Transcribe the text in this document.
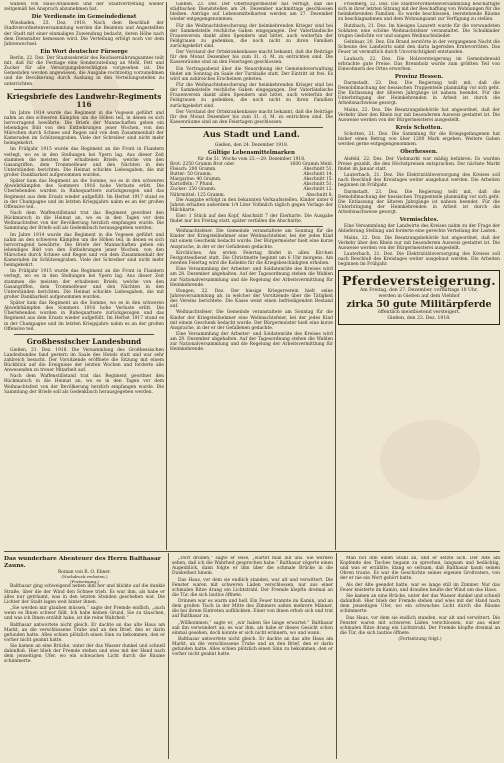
wahlen von Haus-Altäbellen und der Stadtvertretung wieder zeitgemäß bei Anspruch abzunehmen hat.

Die Verdienste im Gemeindedienst

Wiesbaden, 23. Dez. 1918. Nach dem Beschluß der Stadtverordnetenversammlung werden die Beamten und Angestellten der Stadt mit einer einmaligen Zuwendung bedacht, deren Höhe nach dem Dienstalter bemessen wird. Die Verteilung erfolgt noch vor dem Jahreswechsel.

Ein Wort deutscher Fürsorge

Berlin, 22. Dez. Der Staatssekretär des Reichsernährungsamtes teilt mit, daß für die Festtage eine Sonderzuteilung an Mehl, Fett und Zucker für alle Versorgungsberechtigten vorgesehen ist. Die Gemeinden werden angewiesen, die Ausgabe rechtzeitig vorzunehmen und die Bevölkerung durch Aushang in den Verteilungsstellen zu unterrichten.

Kriegsbriefe des Landwehr-Regiments 116

Im Jahre 1914 wurde das Regiment in die Vogesen geführt und nahm an den schweren Kämpfen um die Höhen teil, in denen es sich hervorragend bewährte. Die Briefe der Mannschaften geben ein lebendiges Bild von den Entbehrungen jener Wochen, von den Märschen durch Schnee und Regen und von dem Zusammenhalt der Kameraden im Schützengraben. Viele der Schreiber sind nicht mehr heimgekehrt.

Im Frühjahr 1915 wurde das Regiment an die Front in Flandern verlegt, wo es in den Stellungen bei Ypern lag. Aus dieser Zeit stammen die meisten der erhaltenen Briefe, welche von den Gasangriffen, dem Trommelfeuer und den Nächten in den Unterständen berichten. Die Heimat schickte Liebesgaben, die mit großer Dankbarkeit aufgenommen wurden.

Später kam das Regiment an die Somme, wo es in den schweren Abwehrkämpfen des Sommers 1916 hohe Verluste erlitt. Die Überlebenden wurden in Ruhequartiere zurückgezogen und das Regiment aus dem Ersatz wieder aufgefüllt. Im Herbst 1917 stand es in der Champagne und im letzten Kriegsjahre nahm es an der großen Offensive teil.

Nach dem Waffenstillstand trat das Regiment geordnet den Rückmarsch in die Heimat an, wo es in den Tagen vor dem Weihnachtsfest von der Bevölkerung herzlich empfangen wurde. Die Sammlung der Briefe soll als Gedenkbuch herausgegeben werden.

Im Jahre 1914 wurde das Regiment in die Vogesen geführt und nahm an den schweren Kämpfen um die Höhen teil, in denen es sich hervorragend bewährte. Die Briefe der Mannschaften geben ein lebendiges Bild von den Entbehrungen jener Wochen, von den Märschen durch Schnee und Regen und von dem Zusammenhalt der Kameraden im Schützengraben. Viele der Schreiber sind nicht mehr heimgekehrt.

Im Frühjahr 1915 wurde das Regiment an die Front in Flandern verlegt, wo es in den Stellungen bei Ypern lag. Aus dieser Zeit stammen die meisten der erhaltenen Briefe, welche von den Gasangriffen, dem Trommelfeuer und den Nächten in den Unterständen berichten. Die Heimat schickte Liebesgaben, die mit großer Dankbarkeit aufgenommen wurden.

Später kam das Regiment an die Somme, wo es in den schweren Abwehrkämpfen des Sommers 1916 hohe Verluste erlitt. Die Überlebenden wurden in Ruhequartiere zurückgezogen und das Regiment aus dem Ersatz wieder aufgefüllt. Im Herbst 1917 stand es in der Champagne und im letzten Kriegsjahre nahm es an der großen Offensive teil.

Großhessischer Landesbund

Gießen, 21. Dez. 1918. Die Versammlung des Großhessischen Landesbundes fand gestern im Saale des Hotels statt und war sehr zahlreich besucht. Der Vorsitzende eröffnete die Sitzung mit einem Rückblick auf die Ereignisse der letzten Wochen und forderte alle Anwesenden zu treuer Mitarbeit auf.

Nach dem Waffenstillstand trat das Regiment geordnet den Rückmarsch in die Heimat an, wo es in den Tagen vor dem Weihnachtsfest von der Bevölkerung herzlich empfangen wurde. Die Sammlung der Briefe soll als Gedenkbuch herausgegeben werden.

Gießen, 23. Dez. Der Oberbürgermeister hat verfügt, daß die städtischen Dienststellen am 24. Dezember nachmittags geschlossen bleiben. Anträge auf Lebensmittelkarten werden am 27. Dezember wieder entgegengenommen.

Für die Weihnachtsbescherung der heimkehrenden Krieger sind bei der Sammelstelle reichliche Gaben eingegangen. Der Vaterländische Frauenverein dankt allen Spendern und bittet, auch weiterhin der Feldgrauen zu gedenken, die noch nicht zu ihren Familien zurückgekehrt sind.

Der Vorstand der Ortskrankenkasse macht bekannt, daß die Beiträge für den Monat Dezember bis zum 31. d. M. zu entrichten sind. Die Kassenräume sind an den Feiertagen geschlossen.

Ein Vortragsabend über die Neuordnung der Gemeindeverwaltung findet am Sonntag im Saale der Turnhalle statt. Der Eintritt ist frei. Es wird um zahlreiches Erscheinen gebeten.

Für die Weihnachtsbescherung der heimkehrenden Krieger sind bei der Sammelstelle reichliche Gaben eingegangen. Der Vaterländische Frauenverein dankt allen Spendern und bittet, auch weiterhin der Feldgrauen zu gedenken, die noch nicht zu ihren Familien zurückgekehrt sind.

Der Vorstand der Ortskrankenkasse macht bekannt, daß die Beiträge für den Monat Dezember bis zum 31. d. M. zu entrichten sind. Die Kassenräume sind an den Feiertagen geschlossen.

Aus Stadt und Land.
Gießen, den 24. Dezember 1918.
Gültige Lebensmittelmarken
für die 51. Woche vom 23.—29. Dezember 1918.
Brot: 2250 Gramm Brot oder	1600 Gramm Mehl.
Fleisch: 200 Gramm.	Abschnitt 51.
Butter: 50 Gramm.	Abschnitt 14.
Margarine: 40 Gramm.	Abschnitt 15.
Kartoffeln: 7 Pfund.	Abschnitt 51.
Zucker: 250 Gramm.	Abschnitt 12.
Nährmittel: 125 Gramm.	Abschnitt 8.

Die Ausgabe erfolgt in den bekannten Verkaufsstellen. Kinder unter 6 Jahren erhalten außerdem 1/4 Liter Vollmilch täglich gegen Vorlage der Milchkarte.

Eier: 1 Stück auf den Kopf, Abschnitt 7 der Eierkarte. Die Ausgabe findet nur bis Freitag statt, später verfallen die Abschnitte.

Weihnachtsfeier. Die Gemeinde veranstaltete am Sonntag für die Kinder der Kriegsteilnehmer eine Weihnachtsfeier, bei der jedes Kind mit einem Geschenk bedacht wurde. Der Bürgermeister hielt eine kurze Ansprache, in der er der Gefallenen gedachte.

Kirchliches. Am ersten Feiertag findet in allen Kirchen Festgottesdienst statt. Die Christmette beginnt um 6 Uhr morgens. Am zweiten Feiertag wird die Kollekte für die Kriegsbeschädigten erhoben.

Eine Versammlung der Arbeiter- und Soldatenräte des Kreises wird am 28. Dezember abgehalten. Auf der Tagesordnung stehen die Wahlen zur Nationalversammlung und die Regelung der Arbeitsvermittlung für Heimkehrende.

Hungen, 22. Dez. Der hiesige Kriegerverein hielt seine Jahresversammlung ab, in welcher der Vorsitzende über die Tätigkeit des Vereins berichtete. Die Kasse weist einen befriedigenden Bestand auf.

Weihnachtsfeier. Die Gemeinde veranstaltete am Sonntag für die Kinder der Kriegsteilnehmer eine Weihnachtsfeier, bei der jedes Kind mit einem Geschenk bedacht wurde. Der Bürgermeister hielt eine kurze Ansprache, in der er der Gefallenen gedachte.

Eine Versammlung der Arbeiter- und Soldatenräte des Kreises wird am 28. Dezember abgehalten. Auf der Tagesordnung stehen die Wahlen zur Nationalversammlung und die Regelung der Arbeitsvermittlung für Heimkehrende.

Friedberg, 22. Dez. Die Stadtverordnetenversammlung beschäftigte sich in ihrer letzten Sitzung mit der Beschaffung von Wohnungen für die heimkehrenden Familien. Es wurde beschlossen, leerstehende Räume zu beschlagnahmen und dem Wohnungsamt zur Verfügung zu stellen.

Butzbach, 21. Dez. Im hiesigen Lazarett wurde für die verwundeten Soldaten eine schöne Weihnachtsfeier veranstaltet. Die Schulkinder trugen Gedichte vor und sangen Weihnachtslieder.

Gelnhaar, 20. Dez. Ein Brand zerstörte in der vergangenen Nacht die Scheune des Landwirts samt den darin lagernden Erntevorräten. Das Feuer ist vermutlich durch Unvorsichtigkeit entstanden.

Laubach, 22. Dez. Die Holzversteigerung im Gemeindewald erbrachte gute Preise. Das Brennholz wurde zum größten Teil von Einwohnern des Ortes erworben.

Provinz Hessen.

Darmstadt, 23. Dez. Die Regierung teilt mit, daß die Demobilmachung der hessischen Truppenteile planmäßig vor sich geht. Die Entlassung der älteren Jahrgänge ist nahezu beendet. Für die Unterbringung der Heimkehrenden in Arbeit ist durch die Arbeitsnachweise gesorgt.

Mainz, 22. Dez. Die Besatzungsbehörde hat angeordnet, daß der Verkehr über den Rhein nur mit besonderem Ausweis gestattet ist. Die Ausweise werden von der Bürgermeisterei ausgestellt.

Kreis Schotten.

Schotten, 21. Dez. Die Sammlung für die Kriegsgefangenen hat bisher einen Betrag von über 1200 Mark ergeben. Weitere Gaben werden gerne entgegengenommen.

Oberhessen.

Alsfeld, 22. Dez. Der Viehmarkt war mäßig befahren. Es wurden Preise gezahlt, die den Höchstpreisen entsprachen. Der nächste Markt findet im Januar statt.

Lauterbach, 21. Dez. Die Elektrizitätsversorgung des Kreises soll nach Beschluß des Kreistages weiter ausgebaut werden. Die Arbeiten beginnen im Frühjahr.

Darmstadt, 23. Dez. Die Regierung teilt mit, daß die Demobilmachung der hessischen Truppenteile planmäßig vor sich geht. Die Entlassung der älteren Jahrgänge ist nahezu beendet. Für die Unterbringung der Heimkehrenden in Arbeit ist durch die Arbeitsnachweise gesorgt.

Vermischtes.

Eine Versammlung der Landwirte des Kreises nahm zu der Frage der Ablieferung Stellung und forderte eine gerechte Verteilung der Lasten.

Mainz, 22. Dez. Die Besatzungsbehörde hat angeordnet, daß der Verkehr über den Rhein nur mit besonderem Ausweis gestattet ist. Die Ausweise werden von der Bürgermeisterei ausgestellt.

Lauterbach, 21. Dez. Die Elektrizitätsversorgung des Kreises soll nach Beschluß des Kreistages weiter ausgebaut werden. Die Arbeiten beginnen im Frühjahr.

Pferdeversteigerung.
Am Freitag, den 27. Dezember, vormittags 10 Uhr,
werden in Gießen auf dem Viehhof
zirka 50 gute Militärpferde
öffentlich meistbietend versteigert.
Gießen, den 23. Dez. 1918.
Das wunderbare Abenteuer des Herrn Balthasar Zauns.
Roman von R. O. Ebner.
(Nachdruck verboten.)
(Fortsetzung.)

Balthasar ging schweigend neben ihm her und blickte auf die dunkle Straße, über die der Wind den Schnee trieb. Es war ihm, als habe er alles nur geträumt, was in den letzten Stunden geschehen war. Die Lichter der Stadt lagen weit hinter ihnen.

„Sie werden mir glauben müssen,“ sagte der Fremde endlich, „auch wenn es Ihnen schwer fällt. Ich habe keinen Grund, Sie zu täuschen, und was ich Ihnen erzählt habe, ist die reine Wahrheit.“

Balthasar antwortete nicht gleich. Er dachte an das alte Haus am Markt, an die verschlossene Truhe und an den Brief, den er darin gefunden hatte. Alles schien plötzlich einen Sinn zu bekommen, den er vorher nicht geahnt hatte.

Sie kamen an eine Brücke, unter der das Wasser dunkel und schnell dahinfloß. Hier blieb der Fremde stehen und wies mit der Hand nach dem jenseitigen Ufer, wo ein schwaches Licht durch die Bäume schimmerte.

„Dort drüben,“ sagte er leise, „wartet man auf uns. Sie werden sehen, daß ich die Wahrheit gesprochen habe.“ Balthasar zögerte einen Augenblick, dann folgte er ihm über die schmale Brücke in die Dunkelheit hinein.

Das Haus, vor dem sie endlich standen, war alt und verwittert. Die Fenster waren mit schweren Läden verschlossen, nur aus einer schmalen Ritze drang ein Lichtstrahl. Der Fremde klopfte dreimal an die Tür, die sich lautlos öffnete.

Drinnen war es warm und hell. Ein Feuer brannte im Kamin, und an dem großen Tisch in der Mitte des Zimmers saßen mehrere Männer, die bei ihrem Eintreten aufblickten. Einer von ihnen erhob sich und trat auf Balthasar zu.

„Willkommen,“ sagte er, „wir haben Sie lange erwartet.“ Balthasar sah ihn verwundert an; es war ihm, als habe er dieses Gesicht schon einmal gesehen, doch konnte er sich nicht erinnern, wo und wann.

Balthasar antwortete nicht gleich. Er dachte an das alte Haus am Markt, an die verschlossene Truhe und an den Brief, den er darin gefunden hatte. Alles schien plötzlich einen Sinn zu bekommen, den er vorher nicht geahnt hatte.

Man bot ihm einen Stuhl an, und er setzte sich. Der Alte am Kopfende des Tisches begann zu sprechen, langsam und bedächtig, und was er erzählte, klang so seltsam, daß Balthasar kaum seinen Ohren traute. Es war die Geschichte seines eigenen Großvaters, von der er nie ein Wort gehört hatte.

Als der Alte geendet hatte, war es lange still im Zimmer. Nur das Feuer knisterte im Kamin, und draußen heulte der Wind um das Haus.

Sie kamen an eine Brücke, unter der das Wasser dunkel und schnell dahinfloß. Hier blieb der Fremde stehen und wies mit der Hand nach dem jenseitigen Ufer, wo ein schwaches Licht durch die Bäume schimmerte.

Das Haus, vor dem sie endlich standen, war alt und verwittert. Die Fenster waren mit schweren Läden verschlossen, nur aus einer schmalen Ritze drang ein Lichtstrahl. Der Fremde klopfte dreimal an die Tür, die sich lautlos öffnete.

(Fortsetzung folgt.)
